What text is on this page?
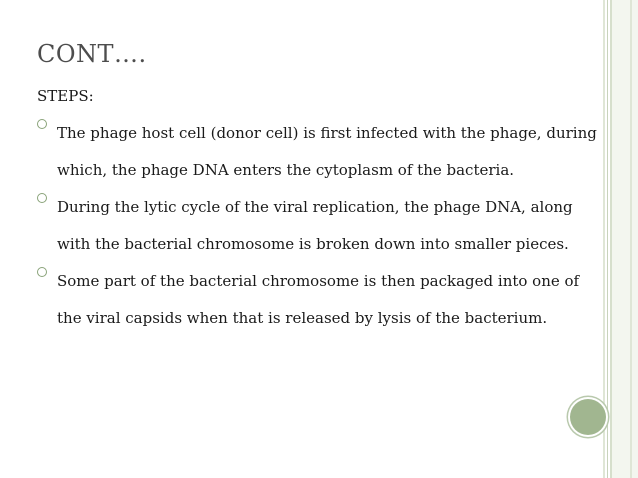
CONT….
STEPS:
The phage host cell (donor cell) is first infected with the phage, during which, the phage DNA enters the cytoplasm of the bacteria.
During the lytic cycle of the viral replication, the phage DNA, along with the bacterial chromosome is broken down into smaller pieces.
Some part of the bacterial chromosome is then packaged into one of the viral capsids when that is released by lysis of the bacterium.
